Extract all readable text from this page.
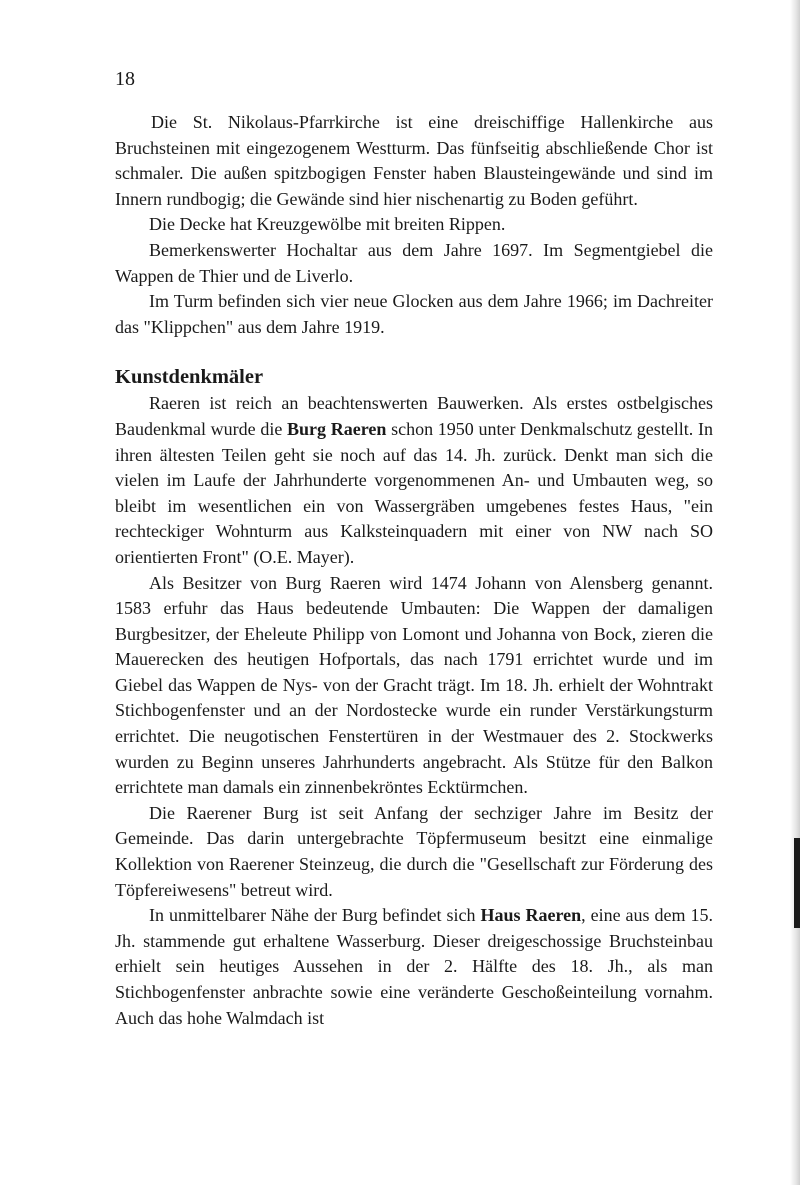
18

Die St. Nikolaus-Pfarrkirche ist eine dreischiffige Hallenkirche aus Bruchsteinen mit eingezogenem Westturm. Das fünfseitig abschließende Chor ist schmaler. Die außen spitzbogigen Fenster haben Blausteingewände und sind im Innern rundbogig; die Gewände sind hier nischenartig zu Boden geführt.

Die Decke hat Kreuzgewölbe mit breiten Rippen.

Bemerkenswerter Hochaltar aus dem Jahre 1697. Im Segmentgiebel die Wappen de Thier und de Liverlo.

Im Turm befinden sich vier neue Glocken aus dem Jahre 1966; im Dachreiter das "Klippchen" aus dem Jahre 1919.

Kunstdenkmäler

Raeren ist reich an beachtenswerten Bauwerken. Als erstes ostbelgisches Baudenkmal wurde die Burg Raeren schon 1950 unter Denkmalschutz gestellt. In ihren ältesten Teilen geht sie noch auf das 14. Jh. zurück. Denkt man sich die vielen im Laufe der Jahrhunderte vorgenommenen An- und Umbauten weg, so bleibt im wesentlichen ein von Wassergräben umgebenes festes Haus, "ein rechteckiger Wohnturm aus Kalksteinquadern mit einer von NW nach SO orientierten Front" (O.E. Mayer).

Als Besitzer von Burg Raeren wird 1474 Johann von Alensberg genannt. 1583 erfuhr das Haus bedeutende Umbauten: Die Wappen der damaligen Burgbesitzer, der Eheleute Philipp von Lomont und Johanna von Bock, zieren die Mauerecken des heutigen Hofportals, das nach 1791 errichtet wurde und im Giebel das Wappen de Nys- von der Gracht trägt. Im 18. Jh. erhielt der Wohntrakt Stichbogenfenster und an der Nordostecke wurde ein runder Verstärkungsturm errichtet. Die neugotischen Fenstertüren in der Westmauer des 2. Stockwerks wurden zu Beginn unseres Jahrhunderts angebracht. Als Stütze für den Balkon errichtete man damals ein zinnenbekröntes Ecktürmchen.

Die Raerener Burg ist seit Anfang der sechziger Jahre im Besitz der Gemeinde. Das darin untergebrachte Töpfermuseum besitzt eine einmalige Kollektion von Raerener Steinzeug, die durch die "Gesellschaft zur Förderung des Töpfereiwesens" betreut wird.

In unmittelbarer Nähe der Burg befindet sich Haus Raeren, eine aus dem 15. Jh. stammende gut erhaltene Wasserburg. Dieser dreigeschossige Bruchsteinbau erhielt sein heutiges Aussehen in der 2. Hälfte des 18. Jh., als man Stichbogenfenster anbrachte sowie eine veränderte Geschoßeinteilung vornahm. Auch das hohe Walmdach ist
